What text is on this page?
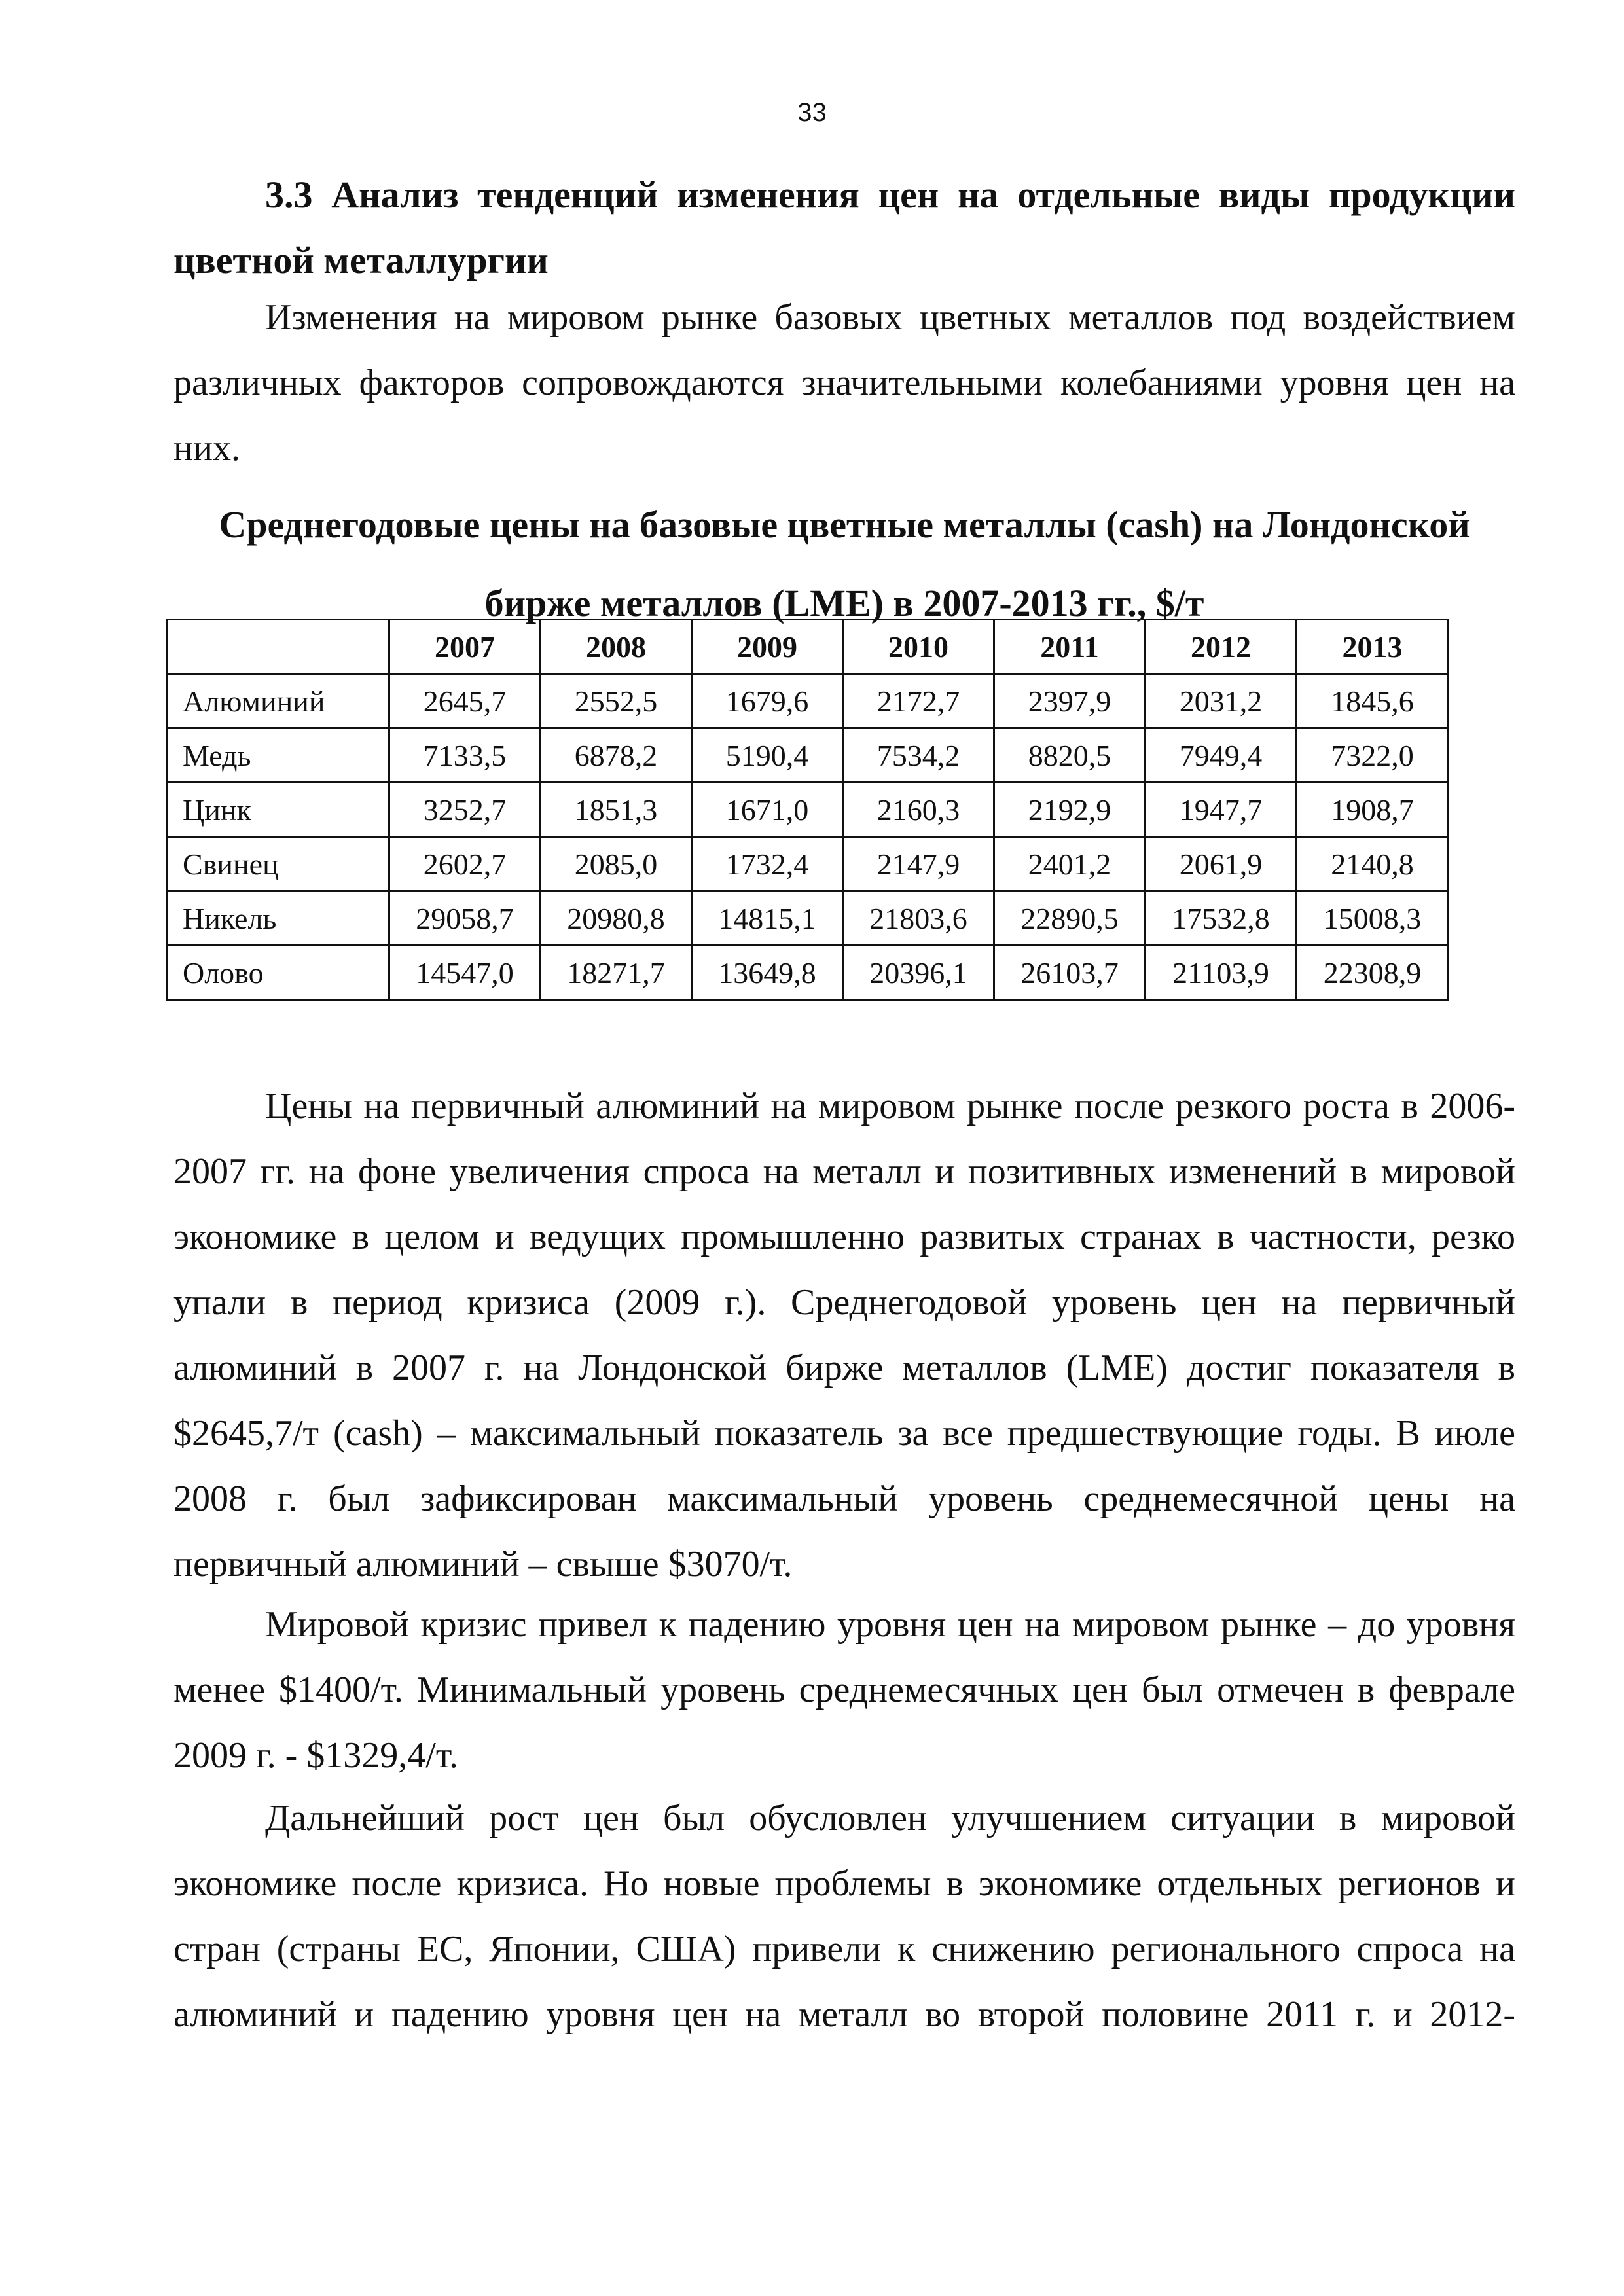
33

3.3 Анализ тенденций изменения цен на отдельные виды продукции цветной металлургии

Изменения на мировом рынке базовых цветных металлов под воздействием различных факторов сопровождаются значительными колебаниями уровня цен на них.

Среднегодовые цены на базовые цветные металлы (cash) на Лондонской
бирже металлов (LME) в 2007-2013 гг., $/т
	2007	2008	2009	2010	2011	2012	2013
Алюминий	2645,7	2552,5	1679,6	2172,7	2397,9	2031,2	1845,6
Медь	7133,5	6878,2	5190,4	7534,2	8820,5	7949,4	7322,0
Цинк	3252,7	1851,3	1671,0	2160,3	2192,9	1947,7	1908,7
Свинец	2602,7	2085,0	1732,4	2147,9	2401,2	2061,9	2140,8
Никель	29058,7	20980,8	14815,1	21803,6	22890,5	17532,8	15008,3
Олово	14547,0	18271,7	13649,8	20396,1	26103,7	21103,9	22308,9

Цены на первичный алюминий на мировом рынке после резкого роста в 2006-2007 гг. на фоне увеличения спроса на металл и позитивных изменений в мировой экономике в целом и ведущих промышленно развитых странах в частности, резко упали в период кризиса (2009 г.). Среднегодовой уровень цен на первичный алюминий в 2007 г. на Лондонской бирже металлов (LME) достиг показателя в $2645,7/т (cash) – максимальный показатель за все предшествующие годы. В июле 2008 г. был зафиксирован максимальный уровень среднемесячной цены на первичный алюминий – свыше $3070/т.

Мировой кризис привел к падению уровня цен на мировом рынке – до уровня менее $1400/т. Минимальный уровень среднемесячных цен был отмечен в феврале 2009 г. - $1329,4/т.

Дальнейший рост цен был обусловлен улучшением ситуации в мировой экономике после кризиса. Но новые проблемы в экономике отдельных регионов и стран (страны ЕС, Японии, США) привели к снижению регионального спроса на алюминий и падению уровня цен на металл во второй половине 2011 г. и 2012-
